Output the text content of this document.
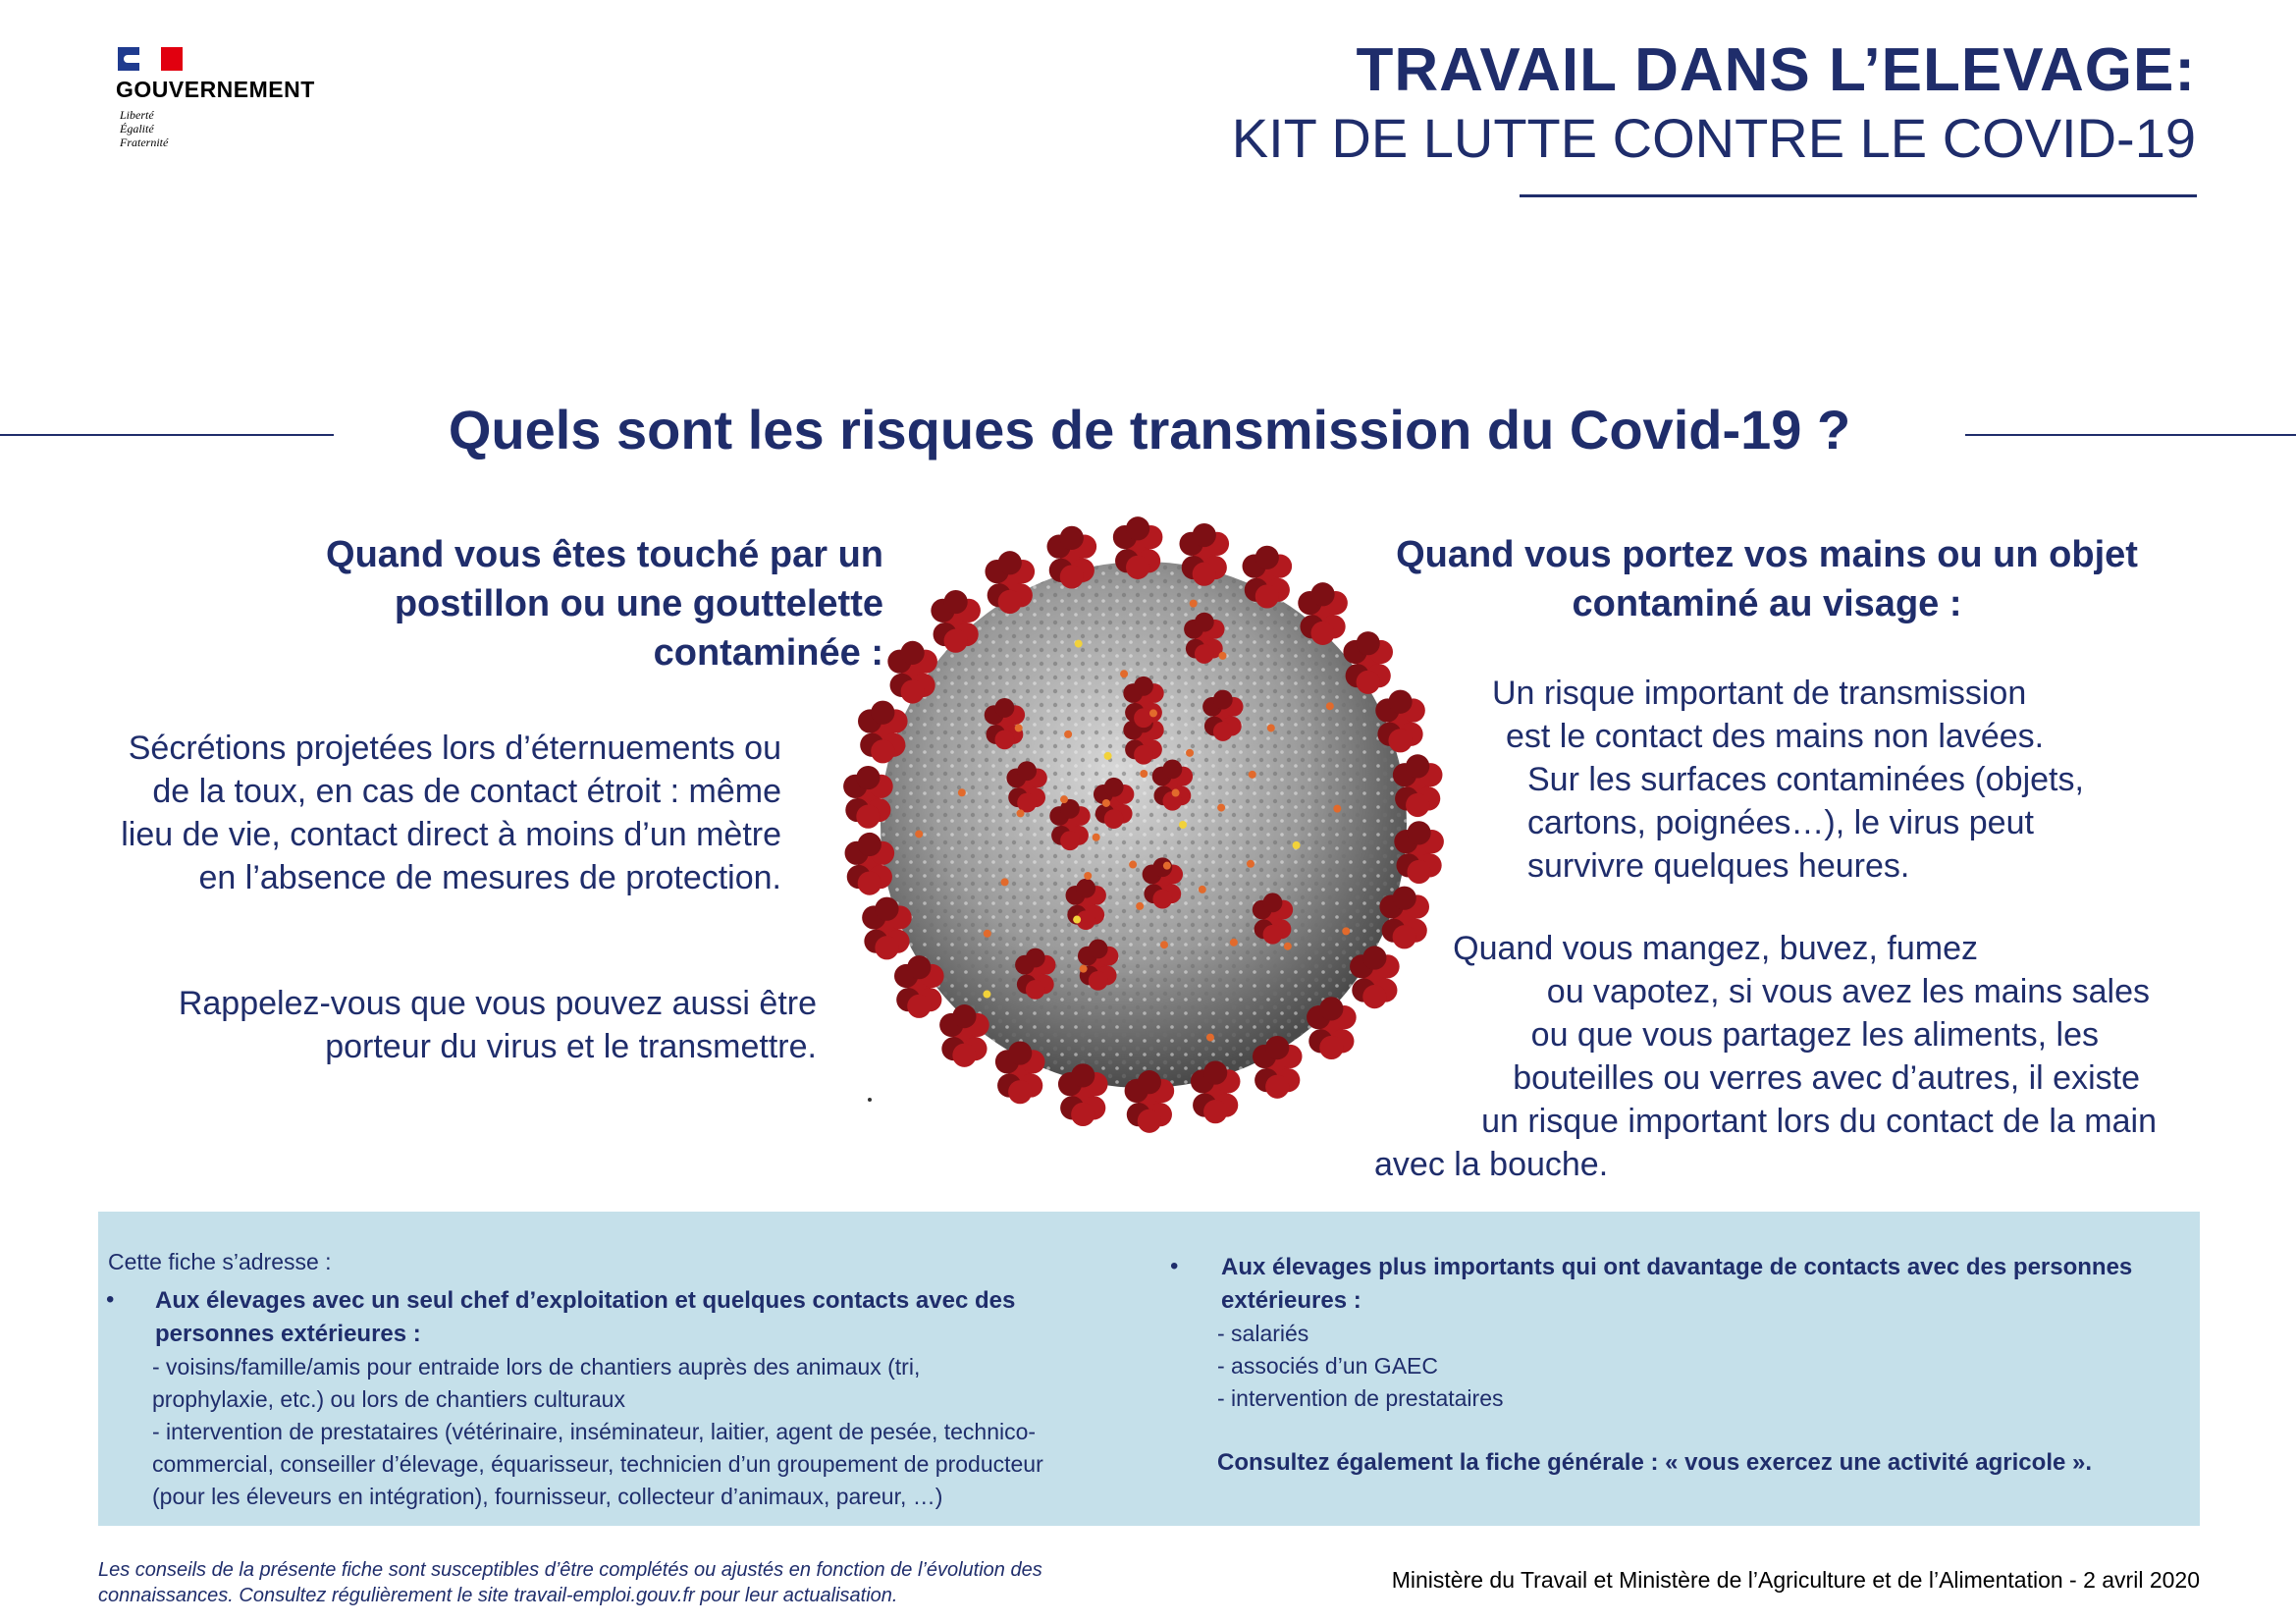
GOUVERNEMENT
Liberté
Égalité
Fraternité
TRAVAIL DANS L’ELEVAGE:
KIT DE LUTTE CONTRE LE COVID-19
Quels sont les risques de transmission du Covid-19 ?
Quand vous êtes touché par un postillon ou une gouttelette contaminée :
Sécrétions projetées lors d’éternuements ou de la toux, en cas de contact étroit : même lieu de vie, contact direct à moins d’un mètre en l’absence de mesures de protection.
Rappelez-vous que vous pouvez aussi être porteur du virus et le transmettre.
Quand vous portez vos mains ou un objet contaminé au visage :
Un risque important de transmission
est le contact des mains non lavées.
Sur les surfaces contaminées (objets,
cartons, poignées…), le virus peut
survivre quelques heures.
Quand vous mangez, buvez, fumez
ou vapotez, si vous avez les mains sales
ou que vous partagez les aliments, les
bouteilles ou verres avec d’autres, il existe
un risque important lors du contact de la main
avec la bouche.
Cette fiche s’adresse :
• Aux élevages avec un seul chef d’exploitation et quelques contacts avec des personnes extérieures :
- voisins/famille/amis pour entraide lors de chantiers auprès des animaux (tri,
prophylaxie, etc.) ou lors de chantiers culturaux
- intervention de prestataires (vétérinaire, inséminateur, laitier, agent de pesée, technico-
commercial, conseiller d’élevage, équarisseur, technicien d’un groupement de producteur
(pour les éleveurs en intégration), fournisseur, collecteur d’animaux, pareur, …)
• Aux élevages plus importants qui ont davantage de contacts avec des personnes extérieures :
- salariés
- associés d’un GAEC
- intervention de prestataires
Consultez également la fiche générale : « vous exercez une activité agricole ».
Les conseils de la présente fiche sont susceptibles d’être complétés ou ajustés en fonction de l’évolution des connaissances. Consultez régulièrement le site travail-emploi.gouv.fr pour leur actualisation.
Ministère du Travail et Ministère de l’Agriculture et de l’Alimentation - 2 avril 2020
